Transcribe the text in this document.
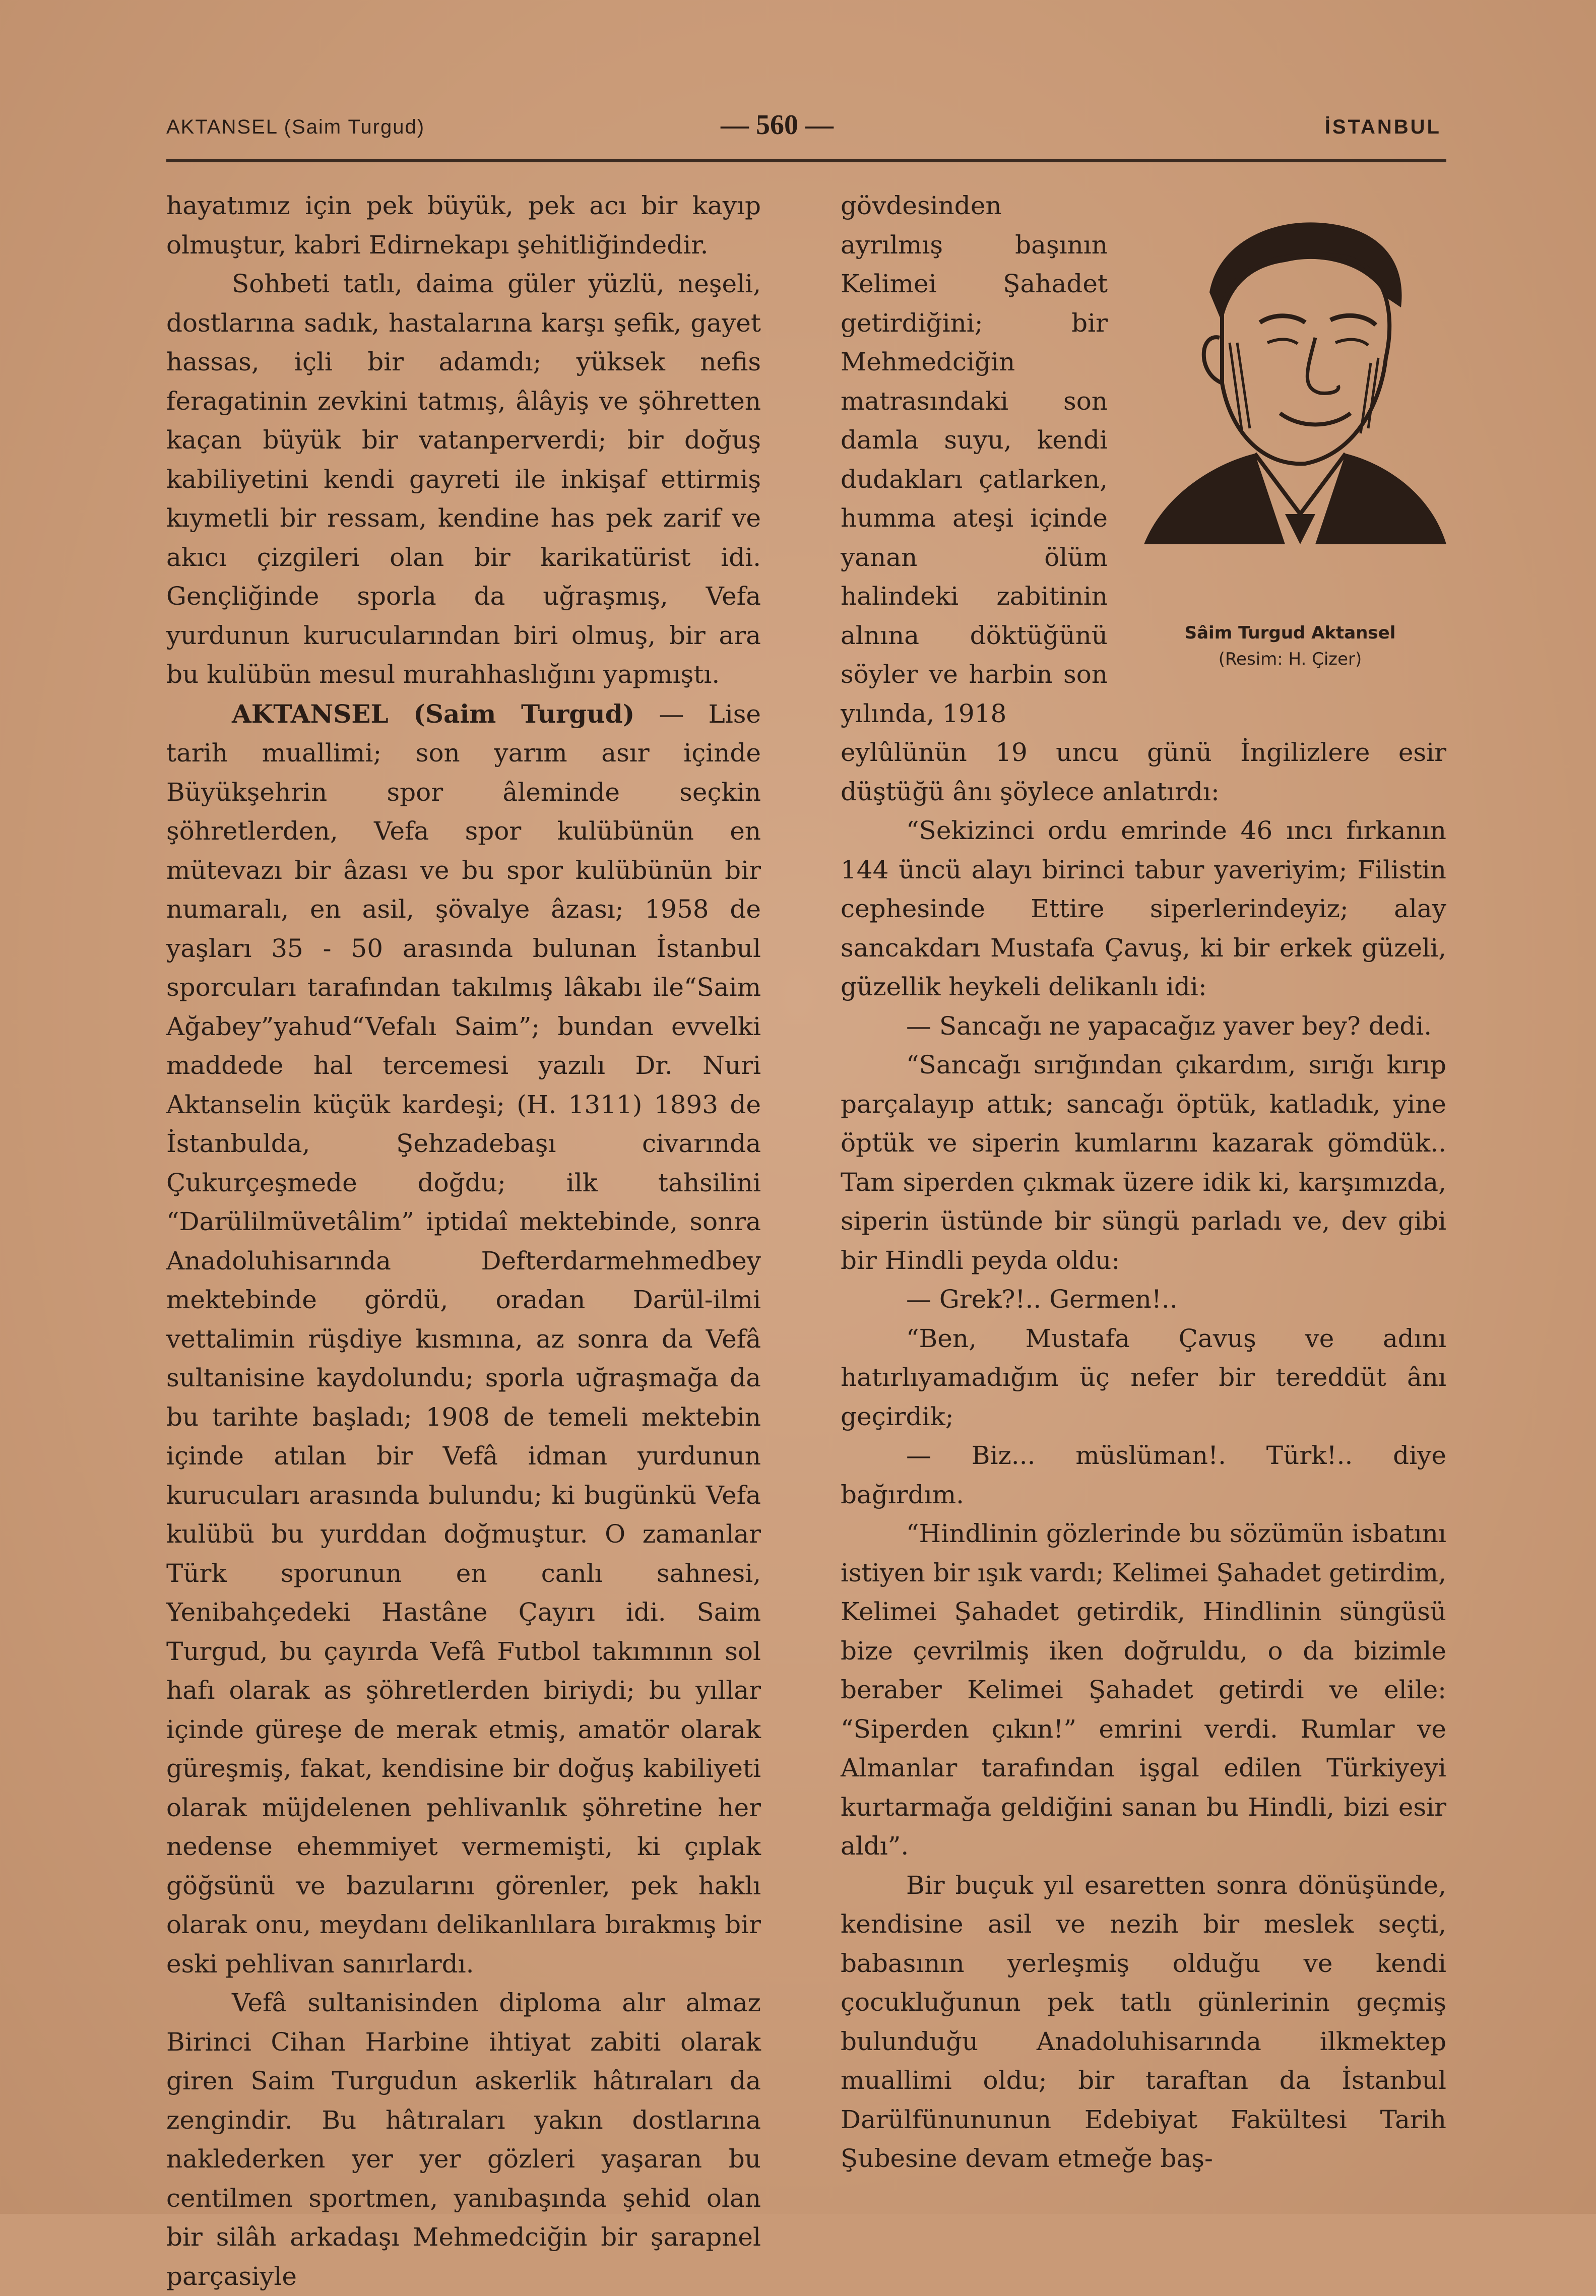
AKTANSEL (Saim Turgud)	— 560 —	İSTANBUL

hayatımız için pek büyük, pek acı bir kayıp olmuştur, kabri Edirnekapı şehitliğindedir.

Sohbeti tatlı, daima güler yüzlü, neşeli, dostlarına sadık, hastalarına karşı şefik, gayet hassas, içli bir adamdı; yüksek nefis feragatinin zevkini tatmış, âlâyiş ve şöhretten kaçan büyük bir vatanperverdi; bir doğuş kabiliyetini kendi gayreti ile inkişaf ettirmiş kıymetli bir ressam, kendine has pek zarif ve akıcı çizgileri olan bir karikatürist idi. Gençliğinde sporla da uğraşmış, Vefa yurdunun kurucularından biri olmuş, bir ara bu kulübün mesul murahhaslığını yapmıştı.

AKTANSEL (Saim Turgud) — Lise tarih muallimi; son yarım asır içinde Büyükşehrin spor âleminde seçkin şöhretlerden, Vefa spor kulübünün en mütevazı bir âzası ve bu spor kulübünün bir numaralı, en asil, şövalye âzası; 1958 de yaşları 35 - 50 arasında bulunan İstanbul sporcuları tarafından takılmış lâkabı ile“Saim Ağabey”yahud“Vefalı Saim”; bundan evvelki maddede hal tercemesi yazılı Dr. Nuri Aktanselin küçük kardeşi; (H. 1311) 1893 de İstanbulda, Şehzadebaşı civarında Çukurçeşmede doğdu; ilk tahsilini “Darülilmüvetâlim” iptidaî mektebinde, sonra Anadoluhisarında Defterdarmehmedbey mektebinde gördü, oradan Darül-ilmi vettalimin rüşdiye kısmına, az sonra da Vefâ sultanisine kaydolundu; sporla uğraşmağa da bu tarihte başladı; 1908 de temeli mektebin içinde atılan bir Vefâ idman yurdunun kurucuları arasında bulundu; ki bugünkü Vefa kulübü bu yurddan doğmuştur. O zamanlar Türk sporunun en canlı sahnesi, Yenibahçedeki Hastâne Çayırı idi. Saim Turgud, bu çayırda Vefâ Futbol takımının sol hafı olarak as şöhretlerden biriydi; bu yıllar içinde güreşe de merak etmiş, amatör olarak güreşmiş, fakat, kendisine bir doğuş kabiliyeti olarak müjdelenen pehlivanlık şöhretine her nedense ehemmiyet vermemişti, ki çıplak göğsünü ve bazularını görenler, pek haklı olarak onu, meydanı delikanlılara bırakmış bir eski pehlivan sanırlardı.

Vefâ sultanisinden diploma alır almaz Birinci Cihan Harbine ihtiyat zabiti olarak giren Saim Turgudun askerlik hâtıraları da zengindir. Bu hâtıraları yakın dostlarına naklederken yer yer gözleri yaşaran bu centilmen sportmen, yanıbaşında şehid olan bir silâh arkadaşı Mehmedciğin bir şarapnel parçasiyle

gövdesinden ayrılmış başının Kelimei Şahadet getirdiğini; bir Mehmedciğin matrasındaki son damla suyu, kendi dudakları çatlarken, humma ateşi içinde yanan ölüm halindeki zabitinin alnına döktüğünü söyler ve harbin son yılında, 1918

eylûlünün 19 uncu günü İngilizlere esir düştüğü ânı şöylece anlatırdı:

“Sekizinci ordu emrinde 46 ıncı fırkanın 144 üncü alayı birinci tabur yaveriyim; Filistin cephesinde Ettire siperlerindeyiz; alay sancakdarı Mustafa Çavuş, ki bir erkek güzeli, güzellik heykeli delikanlı idi:

— Sancağı ne yapacağız yaver bey? dedi.

“Sancağı sırığından çıkardım, sırığı kırıp parçalayıp attık; sancağı öptük, katladık, yine öptük ve siperin kumlarını kazarak gömdük.. Tam siperden çıkmak üzere idik ki, karşımızda, siperin üstünde bir süngü parladı ve, dev gibi bir Hindli peyda oldu:

— Grek?!.. Germen!..

“Ben, Mustafa Çavuş ve adını hatırlıyamadığım üç nefer bir tereddüt ânı geçirdik;

— Biz... müslüman!. Türk!.. diye bağırdım.

“Hindlinin gözlerinde bu sözümün isbatını istiyen bir ışık vardı; Kelimei Şahadet getirdim, Kelimei Şahadet getirdik, Hindlinin süngüsü bize çevrilmiş iken doğruldu, o da bizimle beraber Kelimei Şahadet getirdi ve elile: “Siperden çıkın!” emrini verdi. Rumlar ve Almanlar tarafından işgal edilen Türkiyeyi kurtarmağa geldiğini sanan bu Hindli, bizi esir aldı”.

Bir buçuk yıl esaretten sonra dönüşünde, kendisine asil ve nezih bir meslek seçti, babasının yerleşmiş olduğu ve kendi çocukluğunun pek tatlı günlerinin geçmiş bulunduğu Anadoluhisarında ilkmektep muallimi oldu; bir taraftan da İstanbul Darülfünununun Edebiyat Fakültesi Tarih Şubesine devam etmeğe baş-

Sâim Turgud Aktansel
(Resim: H. Çizer)
